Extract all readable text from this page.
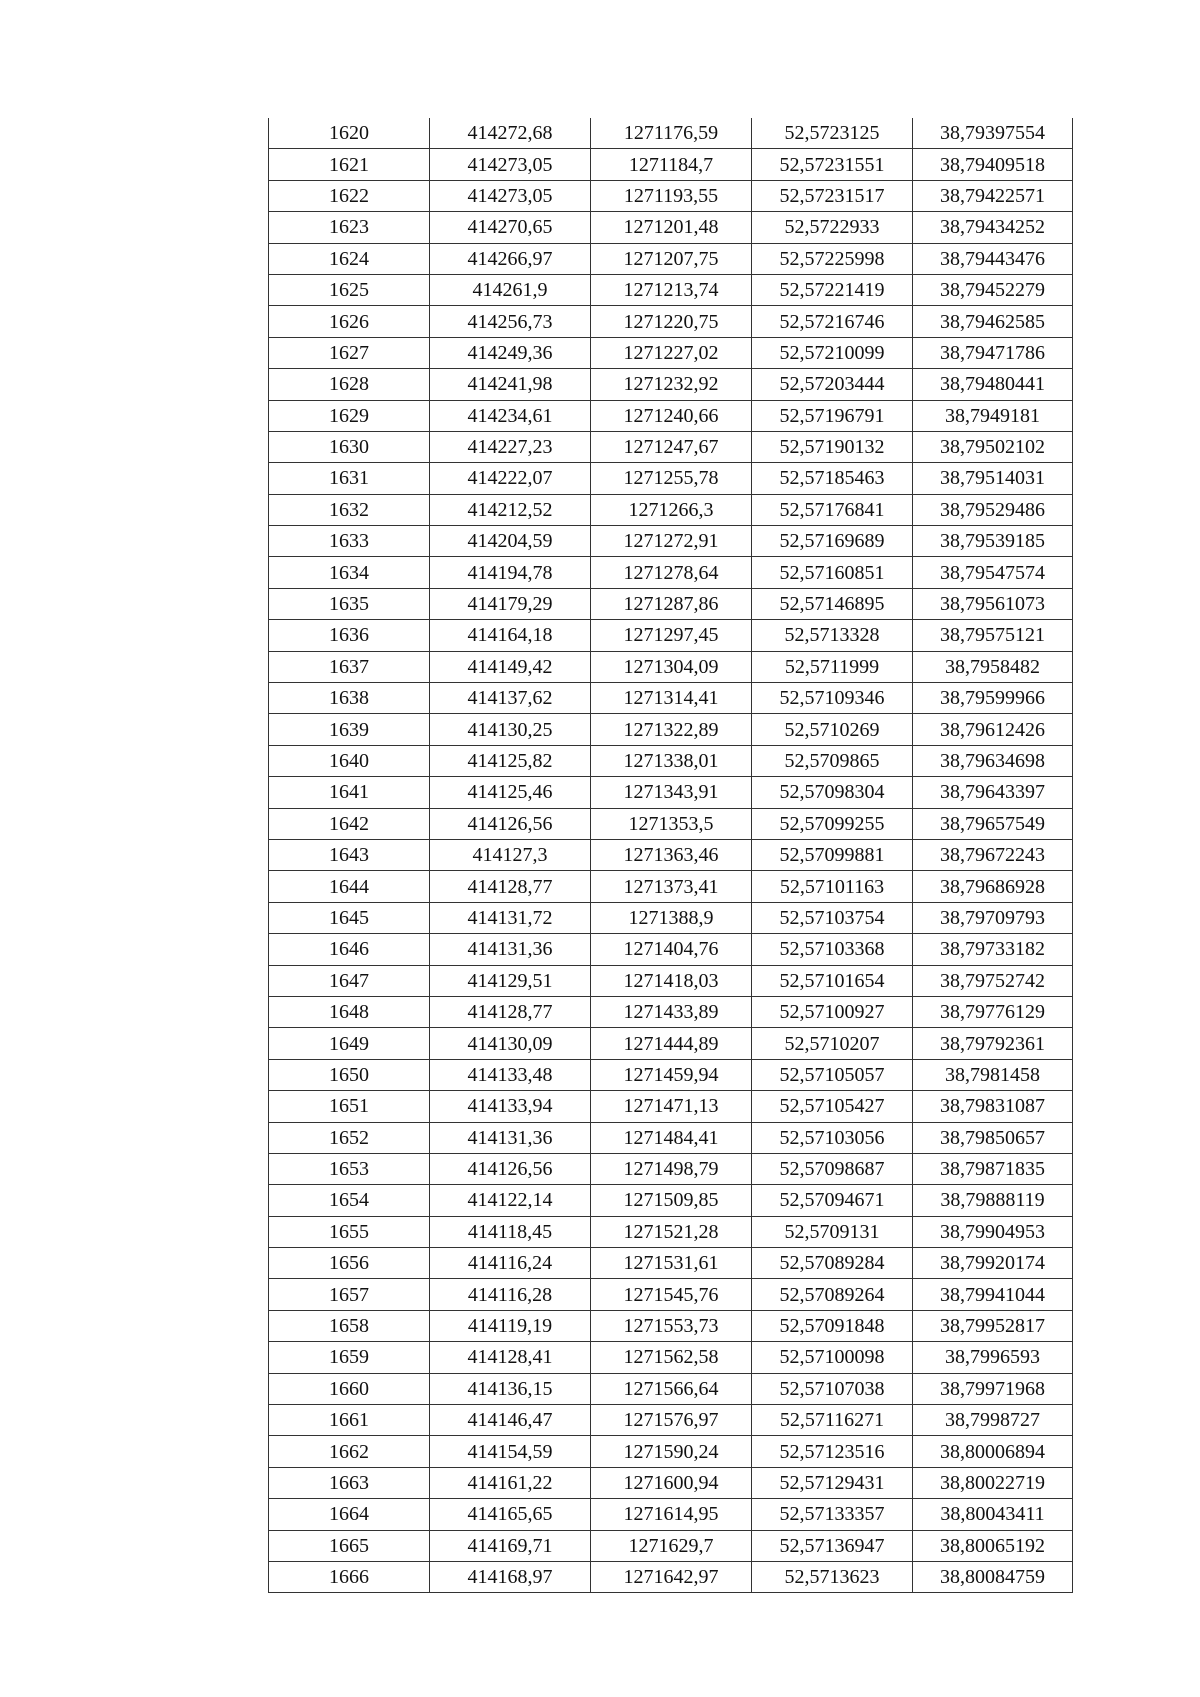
1620	414272,68	1271176,59	52,5723125	38,79397554
1621	414273,05	1271184,7	52,57231551	38,79409518
1622	414273,05	1271193,55	52,57231517	38,79422571
1623	414270,65	1271201,48	52,5722933	38,79434252
1624	414266,97	1271207,75	52,57225998	38,79443476
1625	414261,9	1271213,74	52,57221419	38,79452279
1626	414256,73	1271220,75	52,57216746	38,79462585
1627	414249,36	1271227,02	52,57210099	38,79471786
1628	414241,98	1271232,92	52,57203444	38,79480441
1629	414234,61	1271240,66	52,57196791	38,7949181
1630	414227,23	1271247,67	52,57190132	38,79502102
1631	414222,07	1271255,78	52,57185463	38,79514031
1632	414212,52	1271266,3	52,57176841	38,79529486
1633	414204,59	1271272,91	52,57169689	38,79539185
1634	414194,78	1271278,64	52,57160851	38,79547574
1635	414179,29	1271287,86	52,57146895	38,79561073
1636	414164,18	1271297,45	52,5713328	38,79575121
1637	414149,42	1271304,09	52,5711999	38,7958482
1638	414137,62	1271314,41	52,57109346	38,79599966
1639	414130,25	1271322,89	52,5710269	38,79612426
1640	414125,82	1271338,01	52,5709865	38,79634698
1641	414125,46	1271343,91	52,57098304	38,79643397
1642	414126,56	1271353,5	52,57099255	38,79657549
1643	414127,3	1271363,46	52,57099881	38,79672243
1644	414128,77	1271373,41	52,57101163	38,79686928
1645	414131,72	1271388,9	52,57103754	38,79709793
1646	414131,36	1271404,76	52,57103368	38,79733182
1647	414129,51	1271418,03	52,57101654	38,79752742
1648	414128,77	1271433,89	52,57100927	38,79776129
1649	414130,09	1271444,89	52,5710207	38,79792361
1650	414133,48	1271459,94	52,57105057	38,7981458
1651	414133,94	1271471,13	52,57105427	38,79831087
1652	414131,36	1271484,41	52,57103056	38,79850657
1653	414126,56	1271498,79	52,57098687	38,79871835
1654	414122,14	1271509,85	52,57094671	38,79888119
1655	414118,45	1271521,28	52,5709131	38,79904953
1656	414116,24	1271531,61	52,57089284	38,79920174
1657	414116,28	1271545,76	52,57089264	38,79941044
1658	414119,19	1271553,73	52,57091848	38,79952817
1659	414128,41	1271562,58	52,57100098	38,7996593
1660	414136,15	1271566,64	52,57107038	38,79971968
1661	414146,47	1271576,97	52,57116271	38,7998727
1662	414154,59	1271590,24	52,57123516	38,80006894
1663	414161,22	1271600,94	52,57129431	38,80022719
1664	414165,65	1271614,95	52,57133357	38,80043411
1665	414169,71	1271629,7	52,57136947	38,80065192
1666	414168,97	1271642,97	52,5713623	38,80084759
